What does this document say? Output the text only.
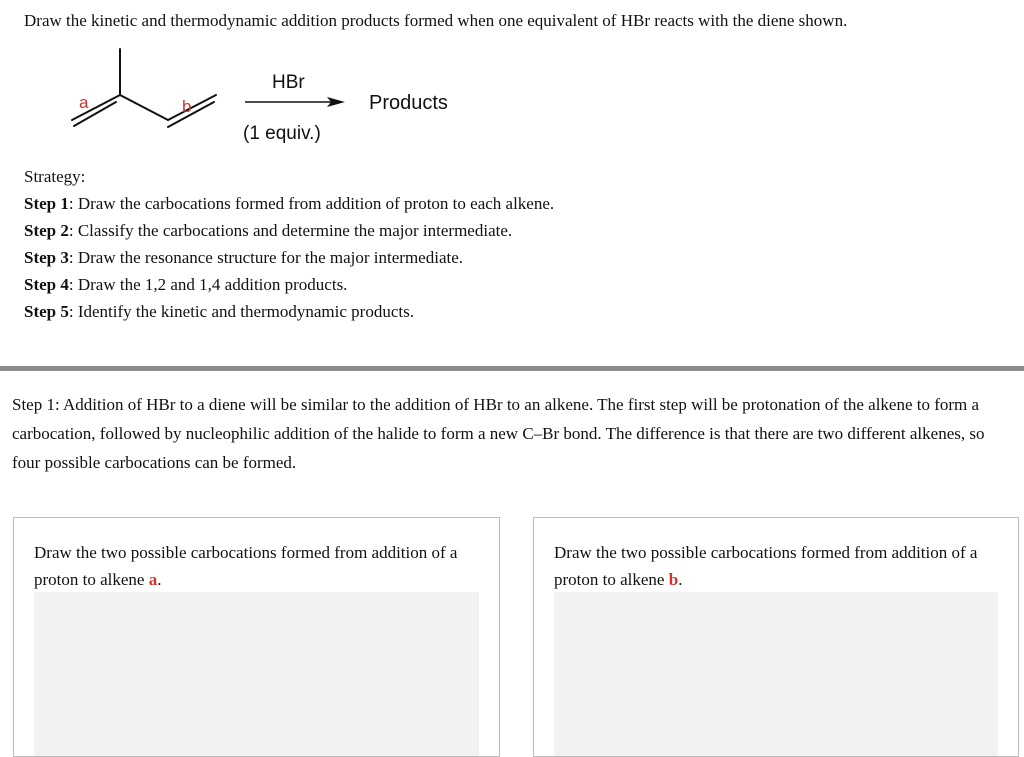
Draw the kinetic and thermodynamic addition products formed when one equivalent of HBr reacts with the diene shown.
a	b
HBr
(1 equiv.)
Products
Strategy:
Step 1: Draw the carbocations formed from addition of proton to each alkene.
Step 2: Classify the carbocations and determine the major intermediate.
Step 3: Draw the resonance structure for the major intermediate.
Step 4: Draw the 1,2 and 1,4 addition products.
Step 5: Identify the kinetic and thermodynamic products.
Step 1: Addition of HBr to a diene will be similar to the addition of HBr to an alkene. The first step will be protonation of the alkene to form a carbocation, followed by nucleophilic addition of the halide to form a new C–Br bond. The difference is that there are two different alkenes, so four possible carbocations can be formed.
Draw the two possible carbocations formed from addition of a proton to alkene a.
Draw the two possible carbocations formed from addition of a proton to alkene b.
